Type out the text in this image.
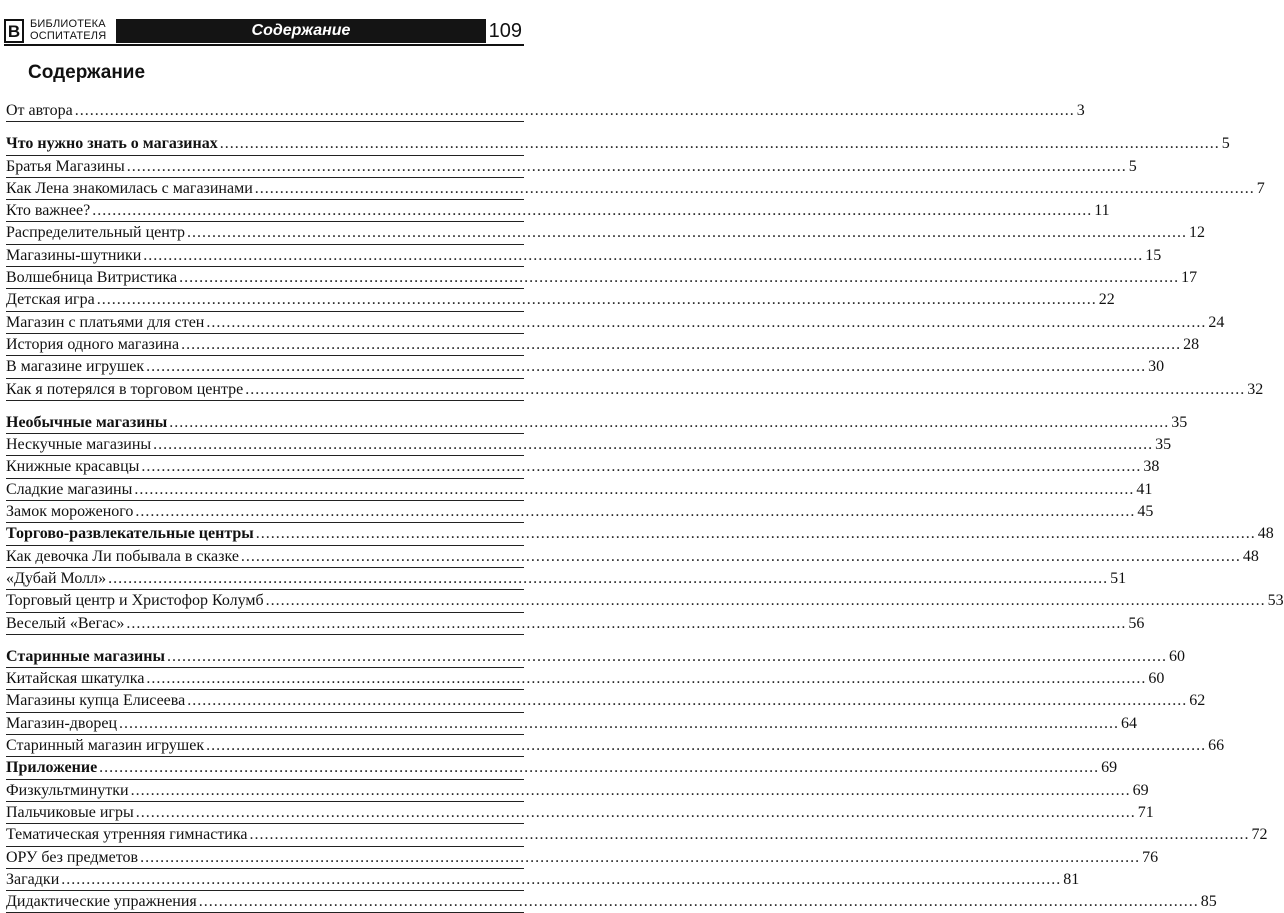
В БИБЛИОТЕКА
ОСПИТАТЕЛЯ	Содержание	109
Содержание
От автора ........................................................................................................................................................................................................ 3
Что нужно знать о магазинах ........................................................................................................................................................................................................ 5
Братья Магазины ........................................................................................................................................................................................................ 5
Как Лена знакомилась с магазинами ........................................................................................................................................................................................................ 7
Кто важнее? ........................................................................................................................................................................................................ 11
Распределительный центр ........................................................................................................................................................................................................ 12
Магазины-шутники ........................................................................................................................................................................................................ 15
Волшебница Витристика ........................................................................................................................................................................................................ 17
Детская игра ........................................................................................................................................................................................................ 22
Магазин с платьями для стен ........................................................................................................................................................................................................ 24
История одного магазина ........................................................................................................................................................................................................ 28
В магазине игрушек ........................................................................................................................................................................................................ 30
Как я потерялся в торговом центре ........................................................................................................................................................................................................ 32
Необычные магазины ........................................................................................................................................................................................................ 35
Нескучные магазины ........................................................................................................................................................................................................ 35
Книжные красавцы ........................................................................................................................................................................................................ 38
Сладкие магазины ........................................................................................................................................................................................................ 41
Замок мороженого ........................................................................................................................................................................................................ 45
Торгово-развлекательные центры ........................................................................................................................................................................................................ 48
Как девочка Ли побывала в сказке ........................................................................................................................................................................................................ 48
«Дубай Молл» ........................................................................................................................................................................................................ 51
Торговый центр и Христофор Колумб ........................................................................................................................................................................................................ 53
Веселый «Вегас» ........................................................................................................................................................................................................ 56
Старинные магазины ........................................................................................................................................................................................................ 60
Китайская шкатулка ........................................................................................................................................................................................................ 60
Магазины купца Елисеева ........................................................................................................................................................................................................ 62
Магазин-дворец ........................................................................................................................................................................................................ 64
Старинный магазин игрушек ........................................................................................................................................................................................................ 66
Приложение ........................................................................................................................................................................................................ 69
Физкультминутки ........................................................................................................................................................................................................ 69
Пальчиковые игры ........................................................................................................................................................................................................ 71
Тематическая утренняя гимнастика ........................................................................................................................................................................................................ 72
ОРУ без предметов ........................................................................................................................................................................................................ 76
Загадки ........................................................................................................................................................................................................ 81
Дидактические упражнения ........................................................................................................................................................................................................ 85
